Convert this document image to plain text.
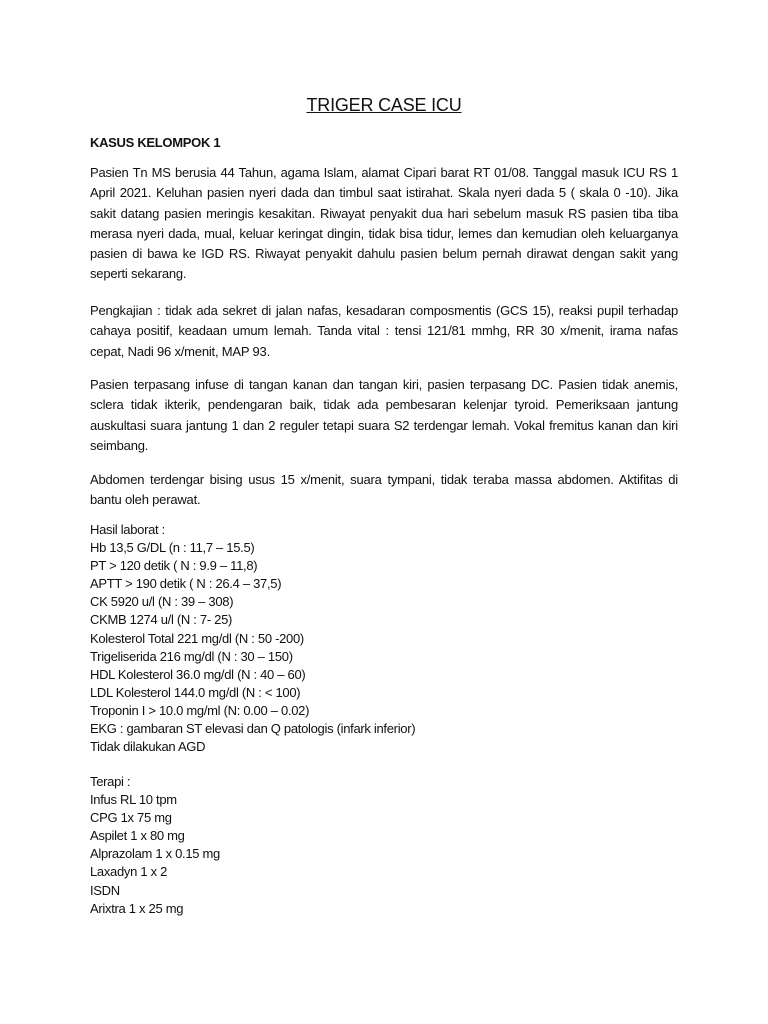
TRIGER CASE ICU
KASUS KELOMPOK 1

Pasien Tn MS berusia 44 Tahun, agama Islam, alamat Cipari barat RT 01/08. Tanggal masuk ICU RS 1 April 2021. Keluhan pasien nyeri dada dan timbul saat istirahat. Skala nyeri dada 5 ( skala 0 -10). Jika sakit datang pasien meringis kesakitan. Riwayat penyakit dua hari sebelum masuk RS pasien tiba tiba merasa nyeri dada, mual, keluar keringat dingin, tidak bisa tidur, lemes dan kemudian oleh keluarganya pasien di bawa ke IGD RS. Riwayat penyakit dahulu pasien belum pernah dirawat dengan sakit yang seperti sekarang.

Pengkajian : tidak ada sekret di jalan nafas, kesadaran composmentis (GCS 15), reaksi pupil terhadap cahaya positif, keadaan umum lemah. Tanda vital : tensi 121/81 mmhg, RR 30 x/menit, irama nafas cepat, Nadi 96 x/menit, MAP 93.

Pasien terpasang infuse di tangan kanan dan tangan kiri, pasien terpasang DC. Pasien tidak anemis, sclera tidak ikterik, pendengaran baik, tidak ada pembesaran kelenjar tyroid. Pemeriksaan jantung auskultasi suara jantung 1 dan 2 reguler tetapi suara S2 terdengar lemah. Vokal fremitus kanan dan kiri seimbang.

Abdomen terdengar bising usus 15 x/menit, suara tympani, tidak teraba massa abdomen. Aktifitas di bantu oleh perawat.

Hasil laborat :
Hb 13,5 G/DL (n : 11,7 – 15.5)
PT > 120 detik ( N : 9.9 – 11,8)
APTT > 190 detik ( N : 26.4 – 37,5)
CK 5920 u/l (N : 39 – 308)
CKMB 1274 u/l (N : 7- 25)
Kolesterol Total 221 mg/dl (N : 50 -200)
Trigeliserida 216 mg/dl (N : 30 – 150)
HDL Kolesterol 36.0 mg/dl (N : 40 – 60)
LDL Kolesterol 144.0 mg/dl (N : < 100)
Troponin I > 10.0 mg/ml (N: 0.00 – 0.02)
EKG : gambaran ST elevasi dan Q patologis (infark inferior)
Tidak dilakukan AGD
Terapi :
Infus RL 10 tpm
CPG 1x 75 mg
Aspilet 1 x 80 mg
Alprazolam 1 x 0.15 mg
Laxadyn 1 x 2
ISDN
Arixtra 1 x 25 mg
